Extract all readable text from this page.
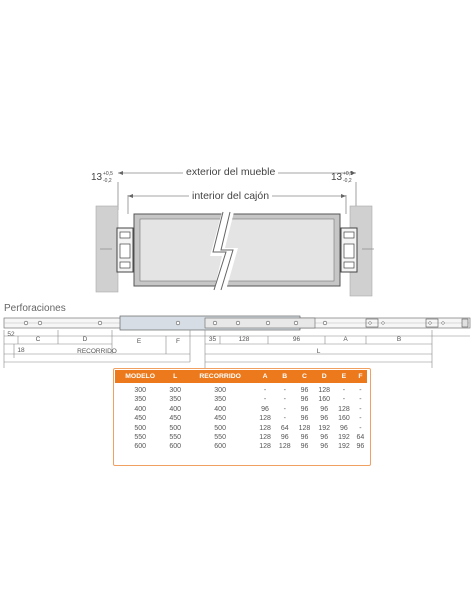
exterior del mueble
interior del cajón
13 +0,5
-0,2	13 +0,5
-0,2
Perforaciones
52
18
C	D	E	F
RECORRIDO
35	128	96	A	B
L
MODELO	L	RECORRIDO	A	B	C	D	E	F
300	300	300	-	-	96	128	-	-
350	350	350	-	-	96	160	-	-
400	400	400	96	-	96	96	128	-
450	450	450	128	-	96	96	160	-
500	500	500	128	64	128	192	96	-
550	550	550	128	96	96	96	192	64
600	600	600	128	128	96	96	192	96
